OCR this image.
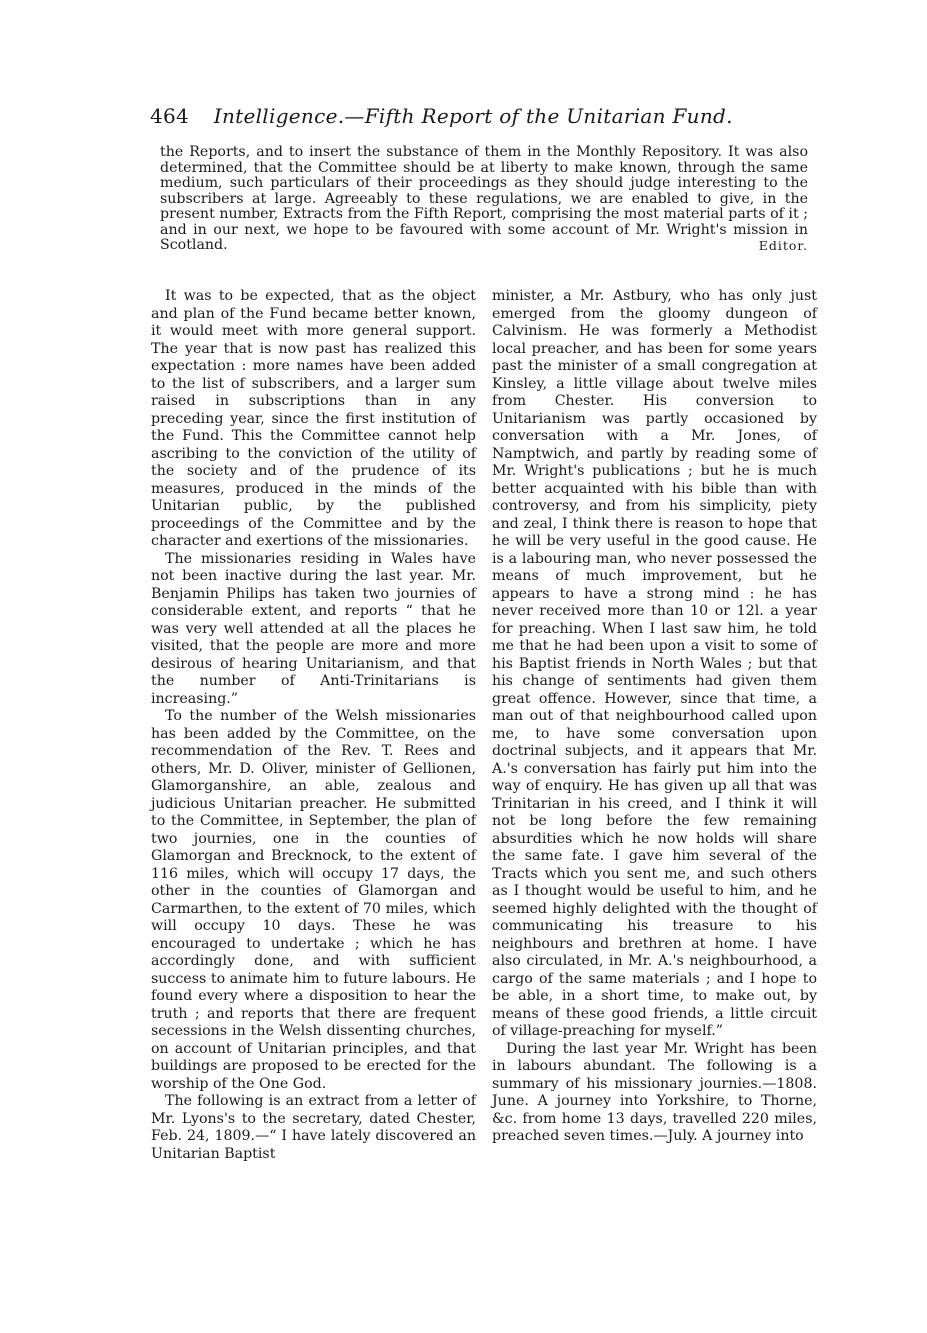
464 Intelligence.—Fifth Report of the Unitarian Fund.
the Reports, and to insert the substance of them in the Monthly Repository. It was also determined, that the Committee should be at liberty to make known, through the same medium, such particulars of their proceedings as they should judge interesting to the subscribers at large. Agreeably to these regulations, we are enabled to give, in the present number, Extracts from the Fifth Report, comprising the most material parts of it ; and in our next, we hope to be favoured with some account of Mr. Wright's mission in Scotland.	Editor.

It was to be expected, that as the object and plan of the Fund became better known, it would meet with more general support. The year that is now past has realized this expectation : more names have been added to the list of subscribers, and a larger sum raised in subscriptions than in any preceding year, since the first institution of the Fund. This the Committee cannot help ascribing to the conviction of the utility of the society and of the prudence of its measures, produced in the minds of the Unitarian public, by the published proceedings of the Committee and by the character and exertions of the missionaries.

The missionaries residing in Wales have not been inactive during the last year. Mr. Benjamin Philips has taken two journies of considerable extent, and reports “ that he was very well attended at all the places he visited, that the people are more and more desirous of hearing Unitarianism, and that the number of Anti-Trinitarians is increasing.”

To the number of the Welsh missionaries has been added by the Committee, on the recommendation of the Rev. T. Rees and others, Mr. D. Oliver, minister of Gellionen, Glamorganshire, an able, zealous and judicious Unitarian preacher. He submitted to the Committee, in September, the plan of two journies, one in the counties of Glamorgan and Brecknock, to the extent of 116 miles, which will occupy 17 days, the other in the counties of Glamorgan and Carmarthen, to the extent of 70 miles, which will occupy 10 days. These he was encouraged to undertake ; which he has accordingly done, and with sufficient success to animate him to future labours. He found every where a disposition to hear the truth ; and reports that there are frequent secessions in the Welsh dissenting churches, on account of Unitarian principles, and that buildings are proposed to be erected for the worship of the One God.

The following is an extract from a letter of Mr. Lyons's to the secretary, dated Chester, Feb. 24, 1809.—“ I have lately discovered an Unitarian Baptist

minister, a Mr. Astbury, who has only just emerged from the gloomy dungeon of Calvinism. He was formerly a Methodist local preacher, and has been for some years past the minister of a small congregation at Kinsley, a little village about twelve miles from Chester. His conversion to Unitarianism was partly occasioned by conversation with a Mr. Jones, of Namptwich, and partly by reading some of Mr. Wright's publications ; but he is much better acquainted with his bible than with controversy, and from his simplicity, piety and zeal, I think there is reason to hope that he will be very useful in the good cause. He is a labouring man, who never possessed the means of much improvement, but he appears to have a strong mind : he has never received more than 10 or 12l. a year for preaching. When I last saw him, he told me that he had been upon a visit to some of his Baptist friends in North Wales ; but that his change of sentiments had given them great offence. However, since that time, a man out of that neighbourhood called upon me, to have some conversation upon doctrinal subjects, and it appears that Mr. A.'s conversation has fairly put him into the way of enquiry. He has given up all that was Trinitarian in his creed, and I think it will not be long before the few remaining absurdities which he now holds will share the same fate. I gave him several of the Tracts which you sent me, and such others as I thought would be useful to him, and he seemed highly delighted with the thought of communicating his treasure to his neighbours and brethren at home. I have also circulated, in Mr. A.'s neighbourhood, a cargo of the same materials ; and I hope to be able, in a short time, to make out, by means of these good friends, a little circuit of village-preaching for myself.”

During the last year Mr. Wright has been in labours abundant. The following is a summary of his missionary journies.—1808. June. A journey into Yorkshire, to Thorne, &c. from home 13 days, travelled 220 miles, preached seven times.—July. A journey into
